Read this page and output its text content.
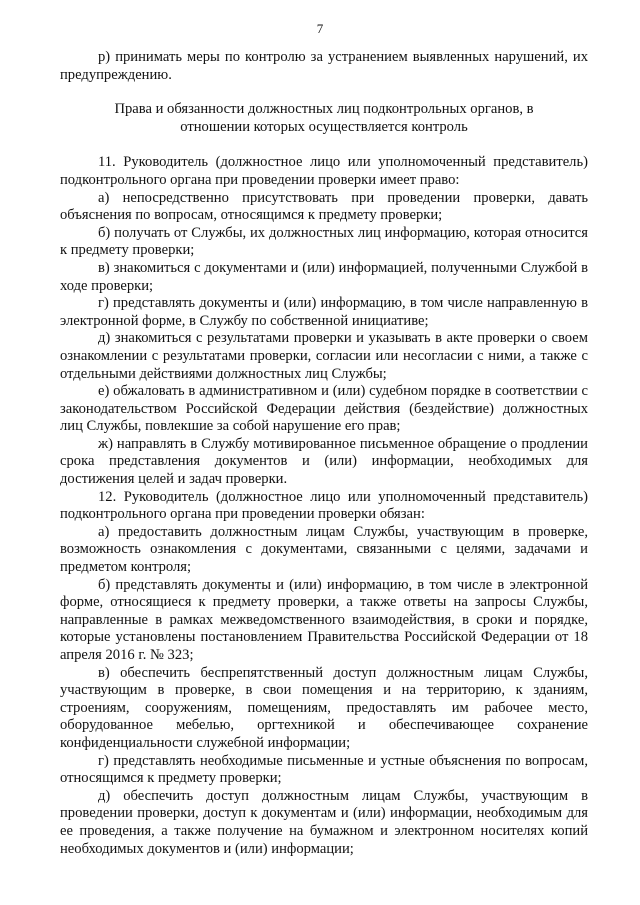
7

р) принимать меры по контролю за устранением выявленных нарушений, их предупреждению.

Права и обязанности должностных лиц подконтрольных органов, в отношении которых осуществляется контроль

11. Руководитель (должностное лицо или уполномоченный представитель) подконтрольного органа при проведении проверки имеет право:

а) непосредственно присутствовать при проведении проверки, давать объяснения по вопросам, относящимся к предмету проверки;

б) получать от Службы, их должностных лиц информацию, которая относится к предмету проверки;

в) знакомиться с документами и (или) информацией, полученными Службой в ходе проверки;

г) представлять документы и (или) информацию, в том числе направленную в электронной форме, в Службу по собственной инициативе;

д) знакомиться с результатами проверки и указывать в акте проверки о своем ознакомлении с результатами проверки, согласии или несогласии с ними, а также с отдельными действиями должностных лиц Службы;

е) обжаловать в административном и (или) судебном порядке в соответствии с законодательством Российской Федерации действия (бездействие) должностных лиц Службы, повлекшие за собой нарушение его прав;

ж) направлять в Службу мотивированное письменное обращение о продлении срока представления документов и (или) информации, необходимых для достижения целей и задач проверки.

12. Руководитель (должностное лицо или уполномоченный представитель) подконтрольного органа при проведении проверки обязан:

а) предоставить должностным лицам Службы, участвующим в проверке, возможность ознакомления с документами, связанными с целями, задачами и предметом контроля;

б) представлять документы и (или) информацию, в том числе в электронной форме, относящиеся к предмету проверки, а также ответы на запросы Службы, направленные в рамках межведомственного взаимодействия, в сроки и порядке, которые установлены постановлением Правительства Российской Федерации от 18 апреля 2016 г. № 323;

в) обеспечить беспрепятственный доступ должностным лицам Службы, участвующим в проверке, в свои помещения и на территорию, к зданиям, строениям, сооружениям, помещениям, предоставлять им рабочее место, оборудованное мебелью, оргтехникой и обеспечивающее сохранение конфиденциальности служебной информации;

г) представлять необходимые письменные и устные объяснения по вопросам, относящимся к предмету проверки;

д) обеспечить доступ должностным лицам Службы, участвующим в проведении проверки, доступ к документам и (или) информации, необходимым для ее проведения, а также получение на бумажном и электронном носителях копий необходимых документов и (или) информации;
